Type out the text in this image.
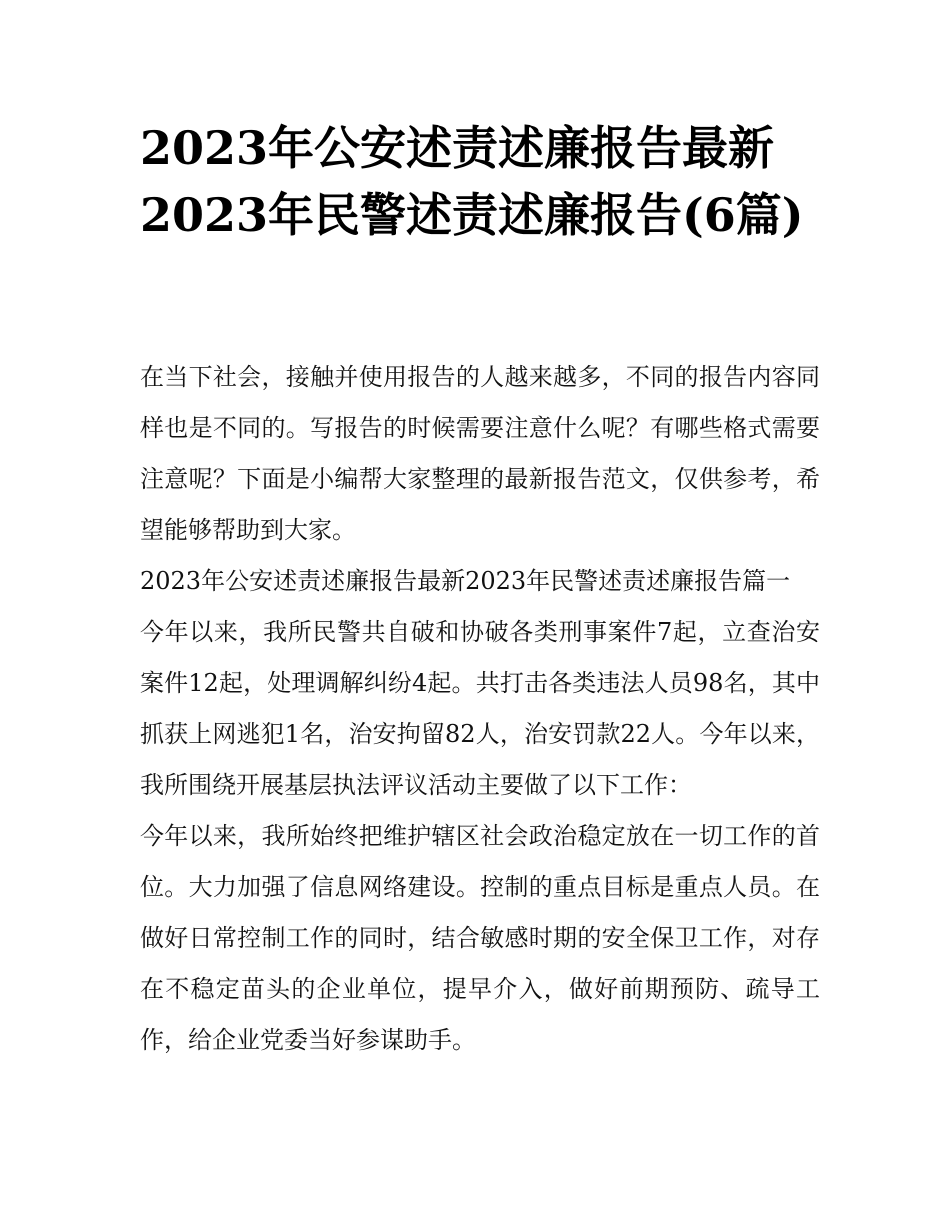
2023年公安述责述廉报告最新2023年民警述责述廉报告(6篇)

在当下社会，接触并使用报告的人越来越多，不同的报告内容同样也是不同的。写报告的时候需要注意什么呢？有哪些格式需要注意呢？下面是小编帮大家整理的最新报告范文，仅供参考，希望能够帮助到大家。

2023年公安述责述廉报告最新2023年民警述责述廉报告篇一

今年以来，我所民警共自破和协破各类刑事案件7起，立查治安案件12起，处理调解纠纷4起。共打击各类违法人员98名，其中抓获上网逃犯1名，治安拘留82人，治安罚款22人。今年以来，我所围绕开展基层执法评议活动主要做了以下工作：

今年以来，我所始终把维护辖区社会政治稳定放在一切工作的首位。大力加强了信息网络建设。控制的重点目标是重点人员。在做好日常控制工作的同时，结合敏感时期的安全保卫工作，对存在不稳定苗头的企业单位，提早介入，做好前期预防、疏导工作，给企业党委当好参谋助手。
